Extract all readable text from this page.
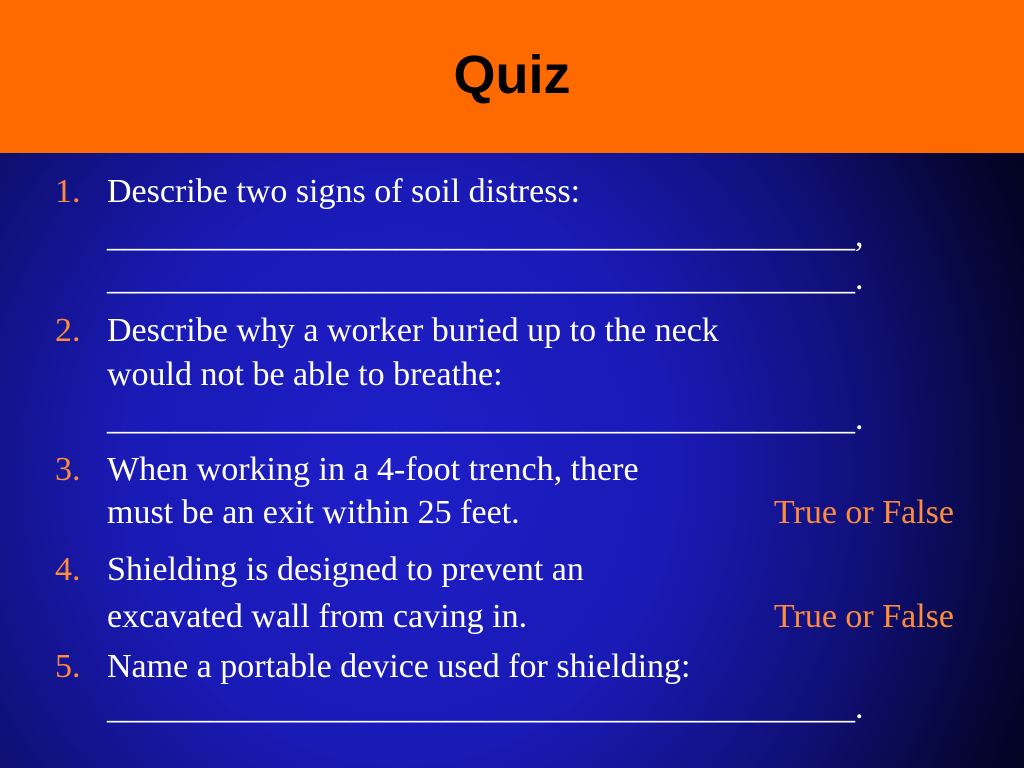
Quiz
1. Describe two signs of soil distress:
____________________________________________,
____________________________________________.
2. Describe why a worker buried up to the neck
would not be able to breathe:
____________________________________________.
3. When working in a 4-foot trench, there
must be an exit within 25 feet.	True or False
4. Shielding is designed to prevent an
excavated wall from caving in.	True or False
5. Name a portable device used for shielding:
____________________________________________.
